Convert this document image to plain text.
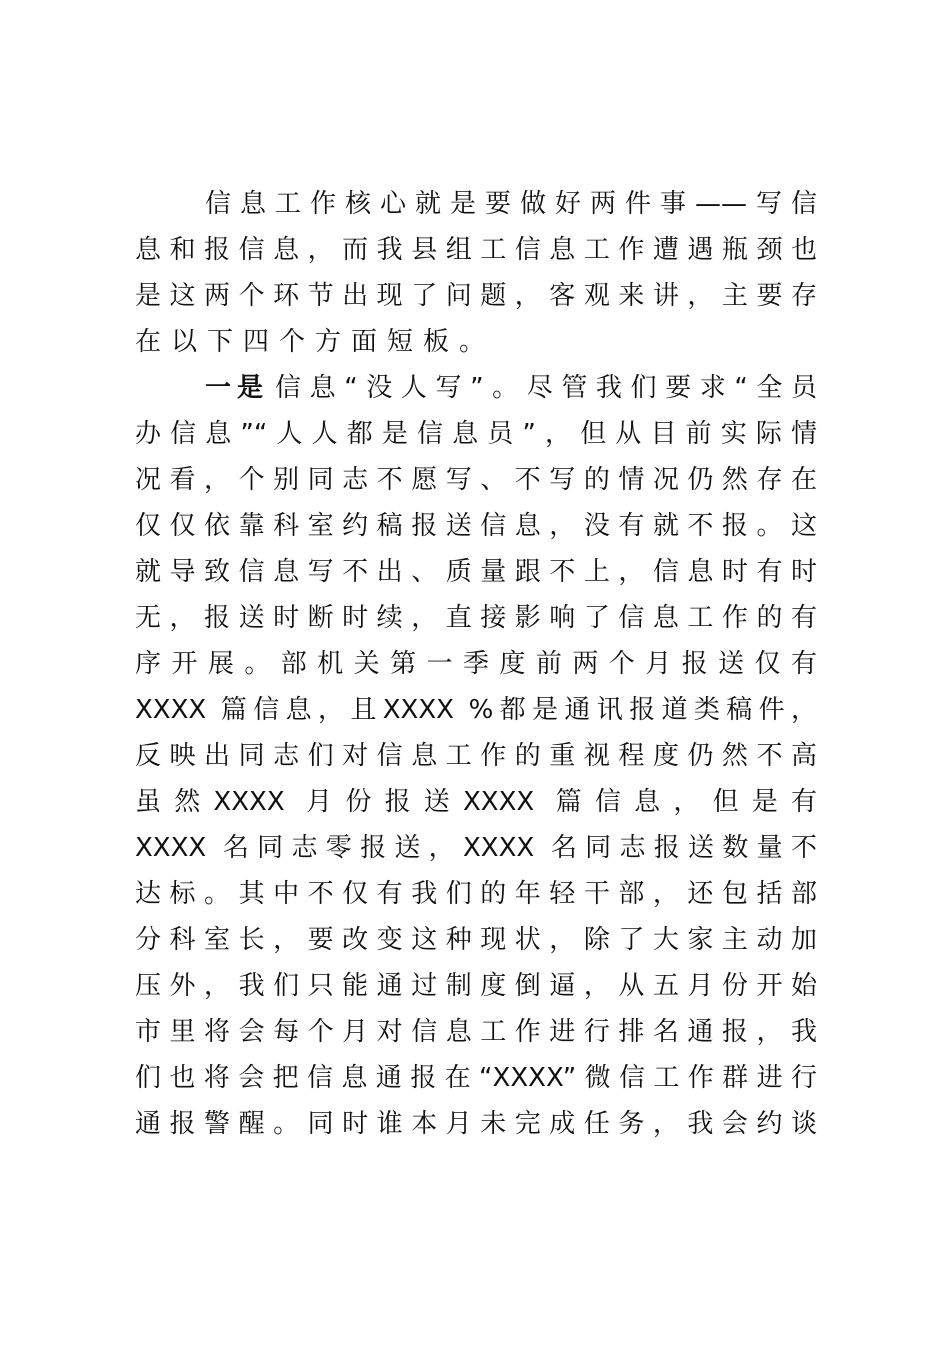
信息工作核心就是要做好两件事——写信
息和报信息，而我县组工信息工作遭遇瓶颈也
是这两个环节出现了问题，客观来讲，主要存
在以下四个方面短板。
一是 信息“没人写”。尽管我们要求“全员
办信息”“人人都是信息员”，但从目前实际情
况看，个别同志不愿写、不写的情况仍然存在
仅仅依靠科室约稿报送信息，没有就不报。这
就导致信息写不出、质量跟不上，信息时有时
无，报送时断时续，直接影响了信息工作的有
序开展。部机关第一季度前两个月报送仅有
XXXX 篇信息，且XXXX %都是通讯报道类稿件，
反映出同志们对信息工作的重视程度仍然不高
虽然XXXX 月份报送XXXX 篇信息，但是有
XXXX 名同志零报送，XXXX 名同志报送数量不
达标。其中不仅有我们的年轻干部，还包括部
分科室长，要改变这种现状，除了大家主动加
压外，我们只能通过制度倒逼，从五月份开始
市里将会每个月对信息工作进行排名通报，我
们也将会把信息通报在“XXXX”微信工作群进行
通报警醒。同时谁本月未完成任务，我会约谈
